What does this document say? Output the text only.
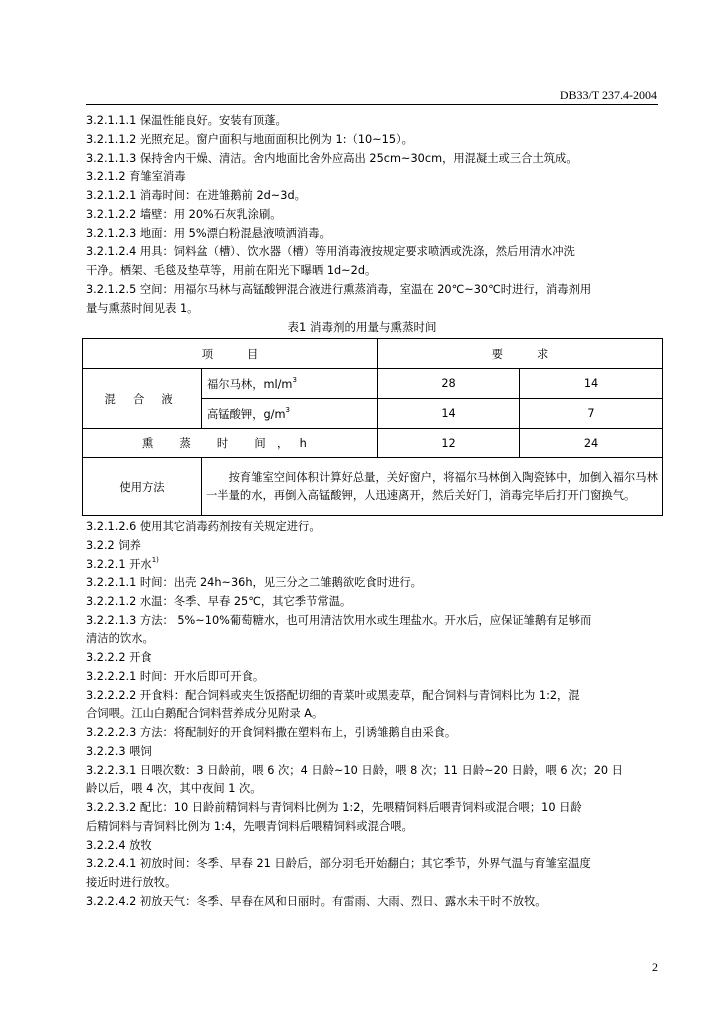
DB33/T 237.4-2004
3.2.1.1.1 保温性能良好。安装有顶蓬。
3.2.1.1.2 光照充足。窗户面积与地面面积比例为 1:（10~15）。
3.2.1.1.3 保持舍内干燥、清洁。舍内地面比舍外应高出 25cm~30cm，用混凝土或三合土筑成。
3.2.1.2 育雏室消毒
3.2.1.2.1 消毒时间：在进雏鹅前 2d~3d。
3.2.1.2.2 墙壁：用 20%石灰乳涂刷。
3.2.1.2.3 地面：用 5%漂白粉混悬液喷洒消毒。
3.2.1.2.4 用具：饲料盆（槽）、饮水器（槽）等用消毒液按规定要求喷洒或洗涤，然后用清水冲洗
干净。栖架、毛毯及垫草等，用前在阳光下曝晒 1d~2d。
3.2.1.2.5 空间：用福尔马林与高锰酸钾混合液进行熏蒸消毒，室温在 20℃~30℃时进行，消毒剂用
量与熏蒸时间见表 1。
表1 消毒剂的用量与熏蒸时间
项　　　目		要　　　求	
混 合 液	福尔马林，$ml/m^3$	28	14
	高锰酸钾，$g/m^3$	14	7
熏 蒸 时 间，h		12	24
使用方法	　　按育雏室空间体积计算好总量，关好窗户，将福尔马林倒入陶瓷钵中，加倒入福尔马林一半量的水，再倒入高锰酸钾，人迅速离开，然后关好门，消毒完毕后打开门窗换气。		
3.2.1.2.6 使用其它消毒药剂按有关规定进行。
3.2.2 饲养
3.2.2.1 开水$^{1)}$
3.2.2.1.1 时间：出壳 24h~36h，见三分之二雏鹅欲吃食时进行。
3.2.2.1.2 水温：冬季、早春 25℃，其它季节常温。
3.2.2.1.3 方法： 5%~10%葡萄糖水，也可用清洁饮用水或生理盐水。开水后，应保证雏鹅有足够而
清洁的饮水。
3.2.2.2 开食
3.2.2.2.1 时间：开水后即可开食。
3.2.2.2.2 开食料：配合饲料或夹生饭搭配切细的青菜叶或黑麦草，配合饲料与青饲料比为 1:2，混
合饲喂。江山白鹅配合饲料营养成分见附录 A。
3.2.2.2.3 方法：将配制好的开食饲料撒在塑料布上，引诱雏鹅自由采食。
3.2.2.3 喂饲
3.2.2.3.1 日喂次数：3 日龄前，喂 6 次；4 日龄~10 日龄，喂 8 次；11 日龄~20 日龄，喂 6 次；20 日
龄以后，喂 4 次，其中夜间 1 次。
3.2.2.3.2 配比：10 日龄前精饲料与青饲料比例为 1:2，先喂精饲料后喂青饲料或混合喂；10 日龄
后精饲料与青饲料比例为 1:4，先喂青饲料后喂精饲料或混合喂。
3.2.2.4 放牧
3.2.2.4.1 初放时间：冬季、早春 21 日龄后，部分羽毛开始翻白；其它季节，外界气温与育雏室温度
接近时进行放牧。
3.2.2.4.2 初放天气：冬季、早春在风和日丽时。有雷雨、大雨、烈日、露水未干时不放牧。
2
